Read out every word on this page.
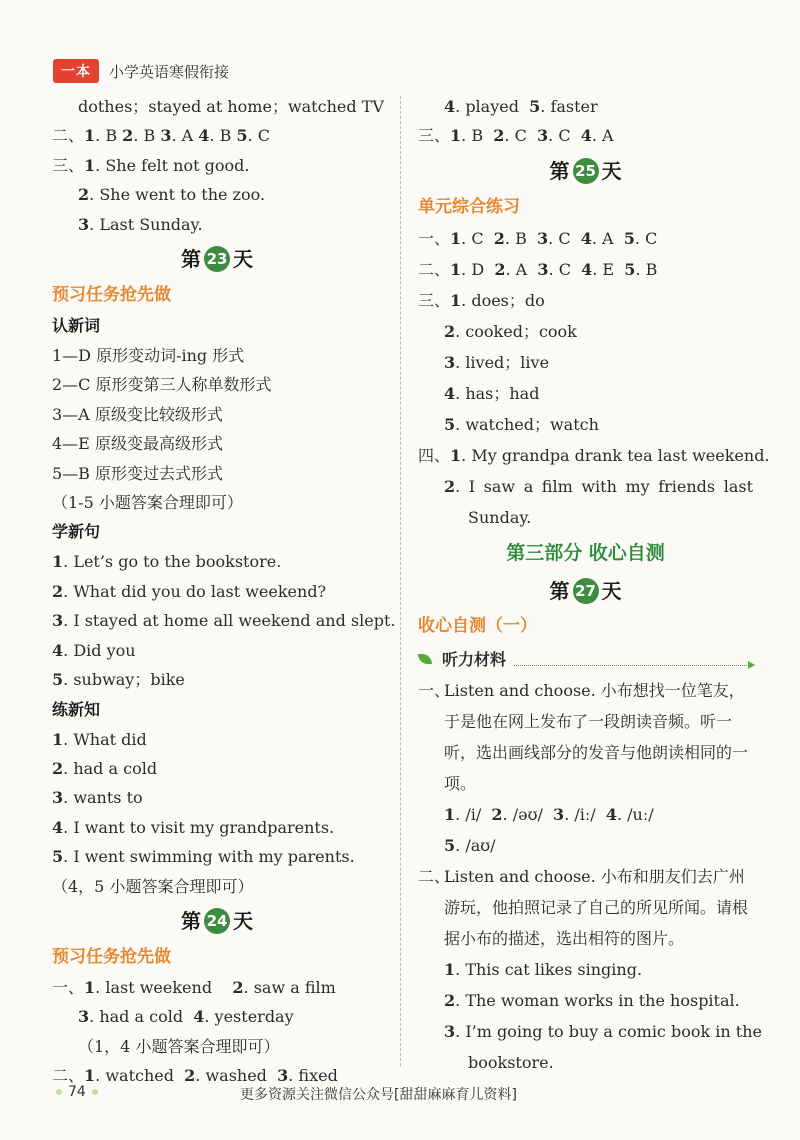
一本	小学英语寒假衔接
dothes；stayed at home；watched TV
二、1. B 2. B 3. A 4. B 5. C
三、1. She felt not good.
2. She went to the zoo.
3. Last Sunday.
第 23 天
预习任务抢先做
认新词
1—D 原形变动词-ing 形式
2—C 原形变第三人称单数形式
3—A 原级变比较级形式
4—E 原级变最高级形式
5—B 原形变过去式形式
（1-5 小题答案合理即可）
学新句
1. Let’s go to the bookstore.
2. What did you do last weekend?
3. I stayed at home all weekend and slept.
4. Did you
5. subway；bike
练新知
1. What did
2. had a cold
3. wants to
4. I want to visit my grandparents.
5. I went swimming with my parents.
（4，5 小题答案合理即可）
第 24 天
预习任务抢先做
一、1. last weekend    2. saw a film
3. had a cold  4. yesterday
（1，4 小题答案合理即可）
二、1. watched  2. washed  3. fixed
4. played  5. faster
三、1. B  2. C  3. C  4. A
第 25 天
单元综合练习
一、1. C  2. B  3. C  4. A  5. C
二、1. D  2. A  3. C  4. E  5. B
三、1. does；do
2. cooked；cook
3. lived；live
4. has；had
5. watched；watch
四、1. My grandpa drank tea last weekend.
2. I saw a film with my friends last
Sunday.
第三部分 收心自测
第 27 天
收心自测（一）
听力材料
一、
Listen and choose. 小布想找一位笔友，于是他在网上发布了一段朗读音频。听一听，选出画线部分的发音与他朗读相同的一项。
1. /i/  2. /əʊ/  3. /iː/  4. /uː/
5. /aʊ/
二、
Listen and choose. 小布和朋友们去广州游玩，他拍照记录了自己的所见所闻。请根据小布的描述，选出相符的图片。
1. This cat likes singing.
2. The woman works in the hospital.
3. I’m going to buy a comic book in the
bookstore.
74	更多资源关注微信公众号[甜甜麻麻育儿资料]
